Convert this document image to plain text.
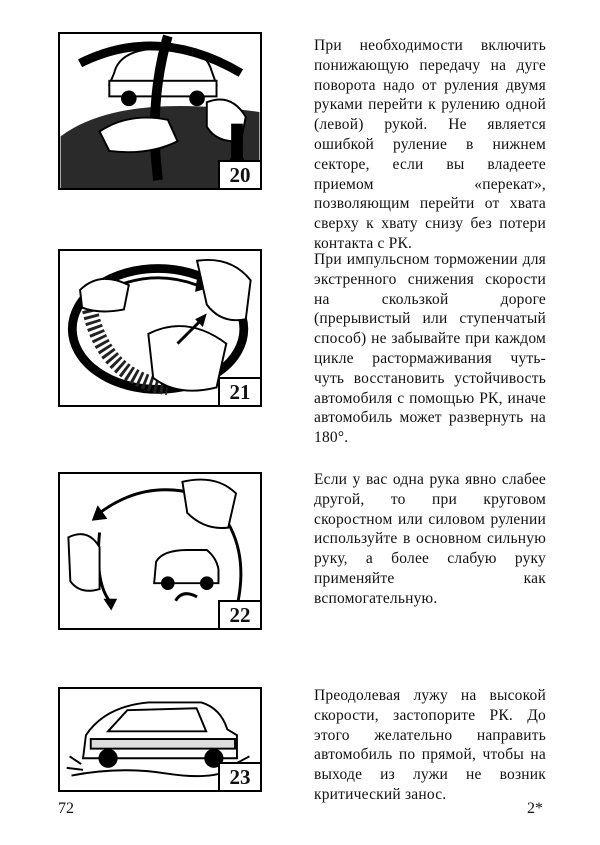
20
21
22
23

При необходимости включить понижающую передачу на дуге поворота надо от руления двумя руками перейти к рулению одной (левой) рукой. Не является ошибкой руление в нижнем секторе, если вы владеете приемом «перекат», позволяющим перейти от хвата сверху к хвату снизу без потери контакта с РК.

При импульсном торможении для экстренного снижения скорости на скользкой дороге (прерывистый или ступенчатый способ) не забывайте при каждом цикле растормаживания чуть-чуть восстановить устойчивость автомобиля с помощью РК, иначе автомобиль может развернуть на 180°.

Если у вас одна рука явно слабее другой, то при круговом скоростном или силовом рулении используйте в основном сильную руку, а более слабую руку применяйте как вспомогательную.

Преодолевая лужу на высокой скорости, застопорите РК. До этого желательно направить автомобиль по прямой, чтобы на выходе из лужи не возник критический занос.

72	2*
